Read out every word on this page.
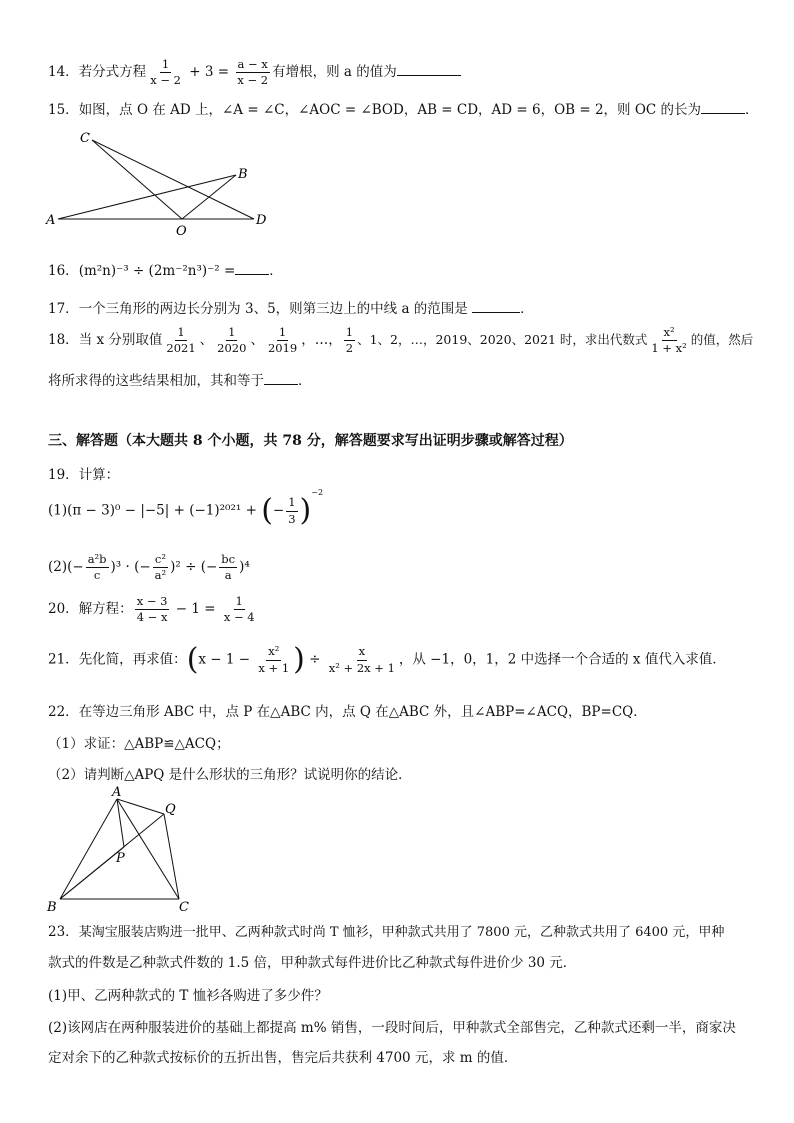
14．若分式方程 $\frac{1}{x - 2} + 3 = \frac{a - x}{x - 2}$ 有增根，则 a 的值为
15．如图，点 O 在 AD 上，∠A = ∠C，∠AOC = ∠BOD，AB = CD，AD = 6，OB = 2，则 OC 的长为	．
C
B
A
O
D
16．(m²n)⁻³ ÷ (2m⁻²n³)⁻² =	．
17．一个三角形的两边长分别为 3、5，则第三边上的中线 a 的范围是	．
18．当 x 分别取值 $\frac{1}{2021}$ 、 $\frac{1}{2020}$ 、 $\frac{1}{2019}$ ，…， $\frac{1}{2}$ 、1、2，…，2019、2020、2021 时，求出代数式 $\frac{\text{x²}}{\text{1 + x²}}$ 的值，然后
将所求得的这些结果相加，其和等于	．
三、解答题（本大题共 8 个小题，共 78 分，解答题要求写出证明步骤或解答过程）
19．计算：
(1)(π − 3)⁰ − |−5| + (−1)²⁰²¹ + (− $\frac{1}{3} )^{-2}$
$(2)(- \frac{\text{a²b}}{c} )^3$ · (− $\frac{\text{c²}}{\text{a²}} )^2$ ÷ (− $\frac{bc}{a} )^4$
20．解方程： $\frac{x - 3}{4 - x} - 1 = \frac{1}{x - 4}$
21．先化简，再求值：($x - 1 - \frac{\text{x²}}{x + 1}$ ) ÷ $\frac{x}{\text{x² + 2x + 1}}$ ，从 −1，0，1，2 中选择一个合适的 x 值代入求值．
22．在等边三角形 ABC 中，点 P 在△ABC 内，点 Q 在△ABC 外，且∠ABP=∠ACQ，BP=CQ．
（1）求证：△ABP≌△ACQ；
（2）请判断△APQ 是什么形状的三角形？试说明你的结论．
A
Q
P
B	C
23．某淘宝服装店购进一批甲、乙两种款式时尚 T 恤衫，甲种款式共用了 7800 元，乙种款式共用了 6400 元，甲种
款式的件数是乙种款式件数的 1.5 倍，甲种款式每件进价比乙种款式每件进价少 30 元．
(1)甲、乙两种款式的 T 恤衫各购进了多少件？
(2)该网店在两种服装进价的基础上都提高 m% 销售，一段时间后，甲种款式全部售完，乙种款式还剩一半，商家决
定对余下的乙种款式按标价的五折出售，售完后共获利 4700 元，求 m 的值．
